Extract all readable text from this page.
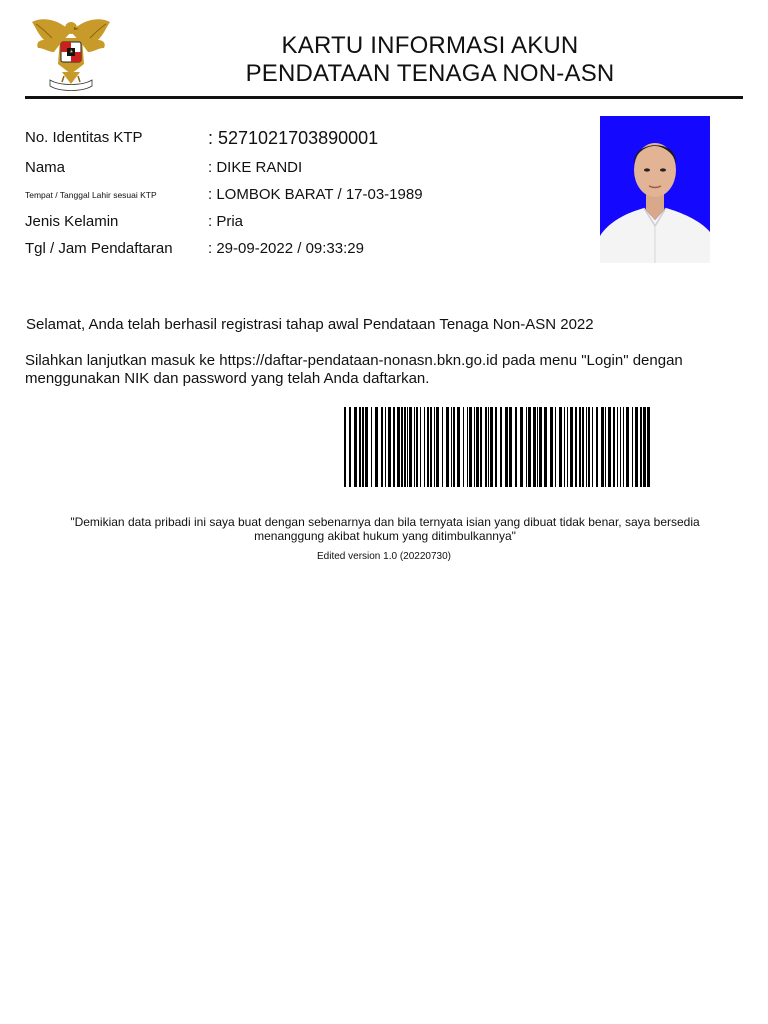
KARTU INFORMASI AKUN
PENDATAAN TENAGA NON-ASN
No. Identitas KTP	: 5271021703890001
Nama	: DIKE RANDI
Tempat / Tanggal Lahir sesuai KTP	: LOMBOK BARAT / 17-03-1989
Jenis Kelamin	: Pria
Tgl / Jam Pendaftaran : 29-09-2022 / 09:33:29
Selamat, Anda telah berhasil registrasi tahap awal Pendataan Tenaga Non-ASN 2022
Silahkan lanjutkan masuk ke https://daftar-pendataan-nonasn.bkn.go.id pada menu "Login" dengan menggunakan NIK dan password yang telah Anda daftarkan.
"Demikian data pribadi ini saya buat dengan sebenarnya dan bila ternyata isian yang dibuat tidak benar, saya bersedia menanggung akibat hukum yang ditimbulkannya"
Edited version 1.0 (20220730)
